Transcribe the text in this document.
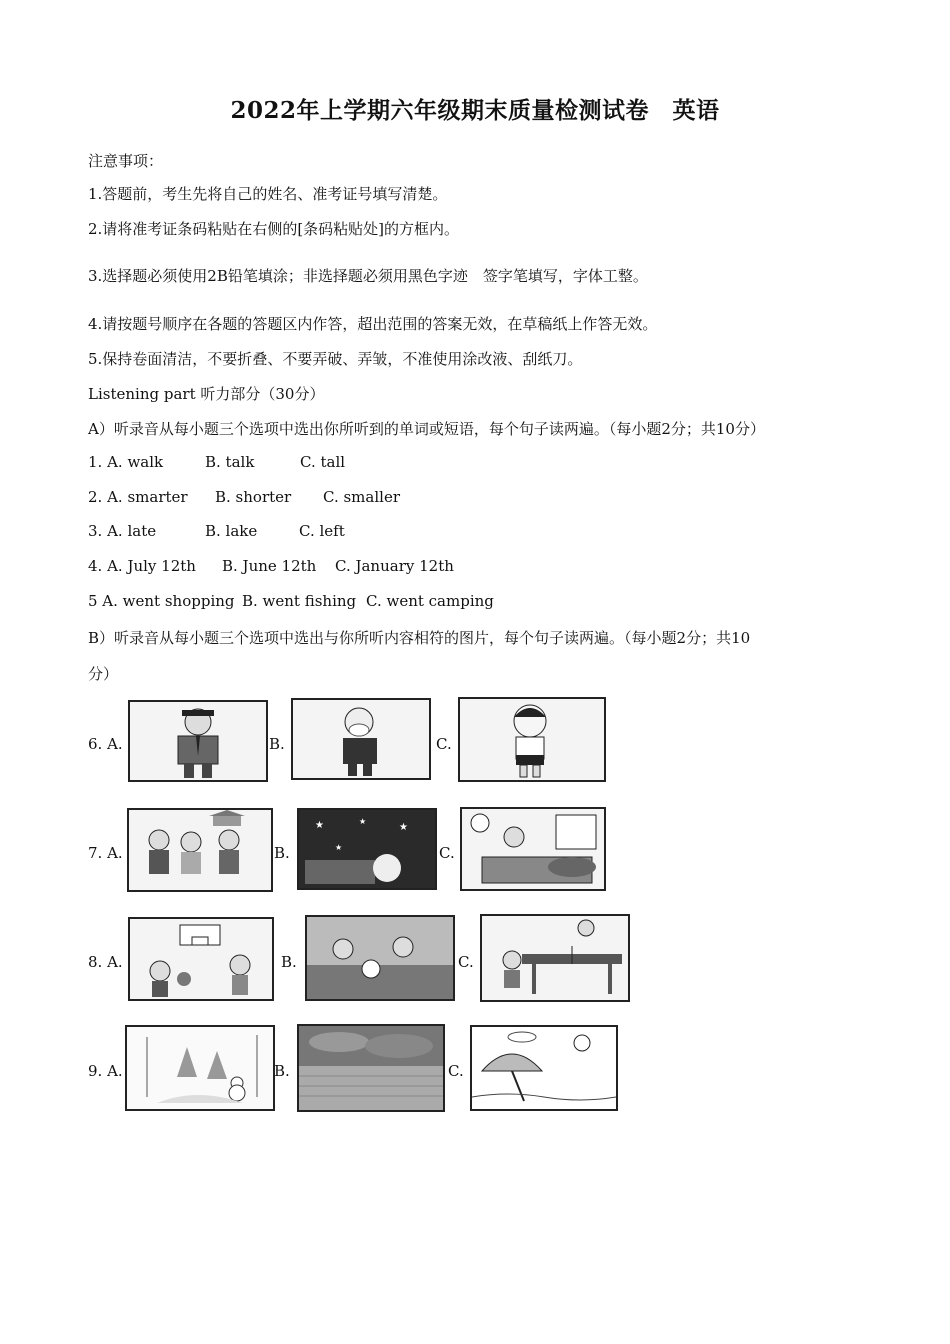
2022年上学期六年级期末质量检测试卷　英语
注意事项：
1.答题前，考生先将自己的姓名、准考证号填写清楚。
2.请将准考证条码粘贴在右侧的[条码粘贴处]的方框内。
3.选择题必须使用2B铅笔填涂；非选择题必须用黑色字迹　签字笔填写，字体工整。
4.请按题号顺序在各题的答题区内作答，超出范围的答案无效，在草稿纸上作答无效。
5.保持卷面清洁，不要折叠、不要弄破、弄皱，不准使用涂改液、刮纸刀。
Listening part 听力部分（30分）
A）听录音从每小题三个选项中选出你所听到的单词或短语，每个句子读两遍。（每小题2分；共10分）
1. A. walk	B. talk	C. tall
2. A. smarter B. shorter C. smaller
3. A. late	B. lake	C. left
4. A. July 12th B. June 12th C. January 12th
5 A. went shopping B. went fishing C. went camping
B）听录音从每小题三个选项中选出与你所听内容相符的图片，每个句子读两遍。（每小题2分；共10
分）
6. A.	B.	C.
7. A.	B.
★	★
★
★	C.
8. A.	B.	C.
9. A.	B.	C.
